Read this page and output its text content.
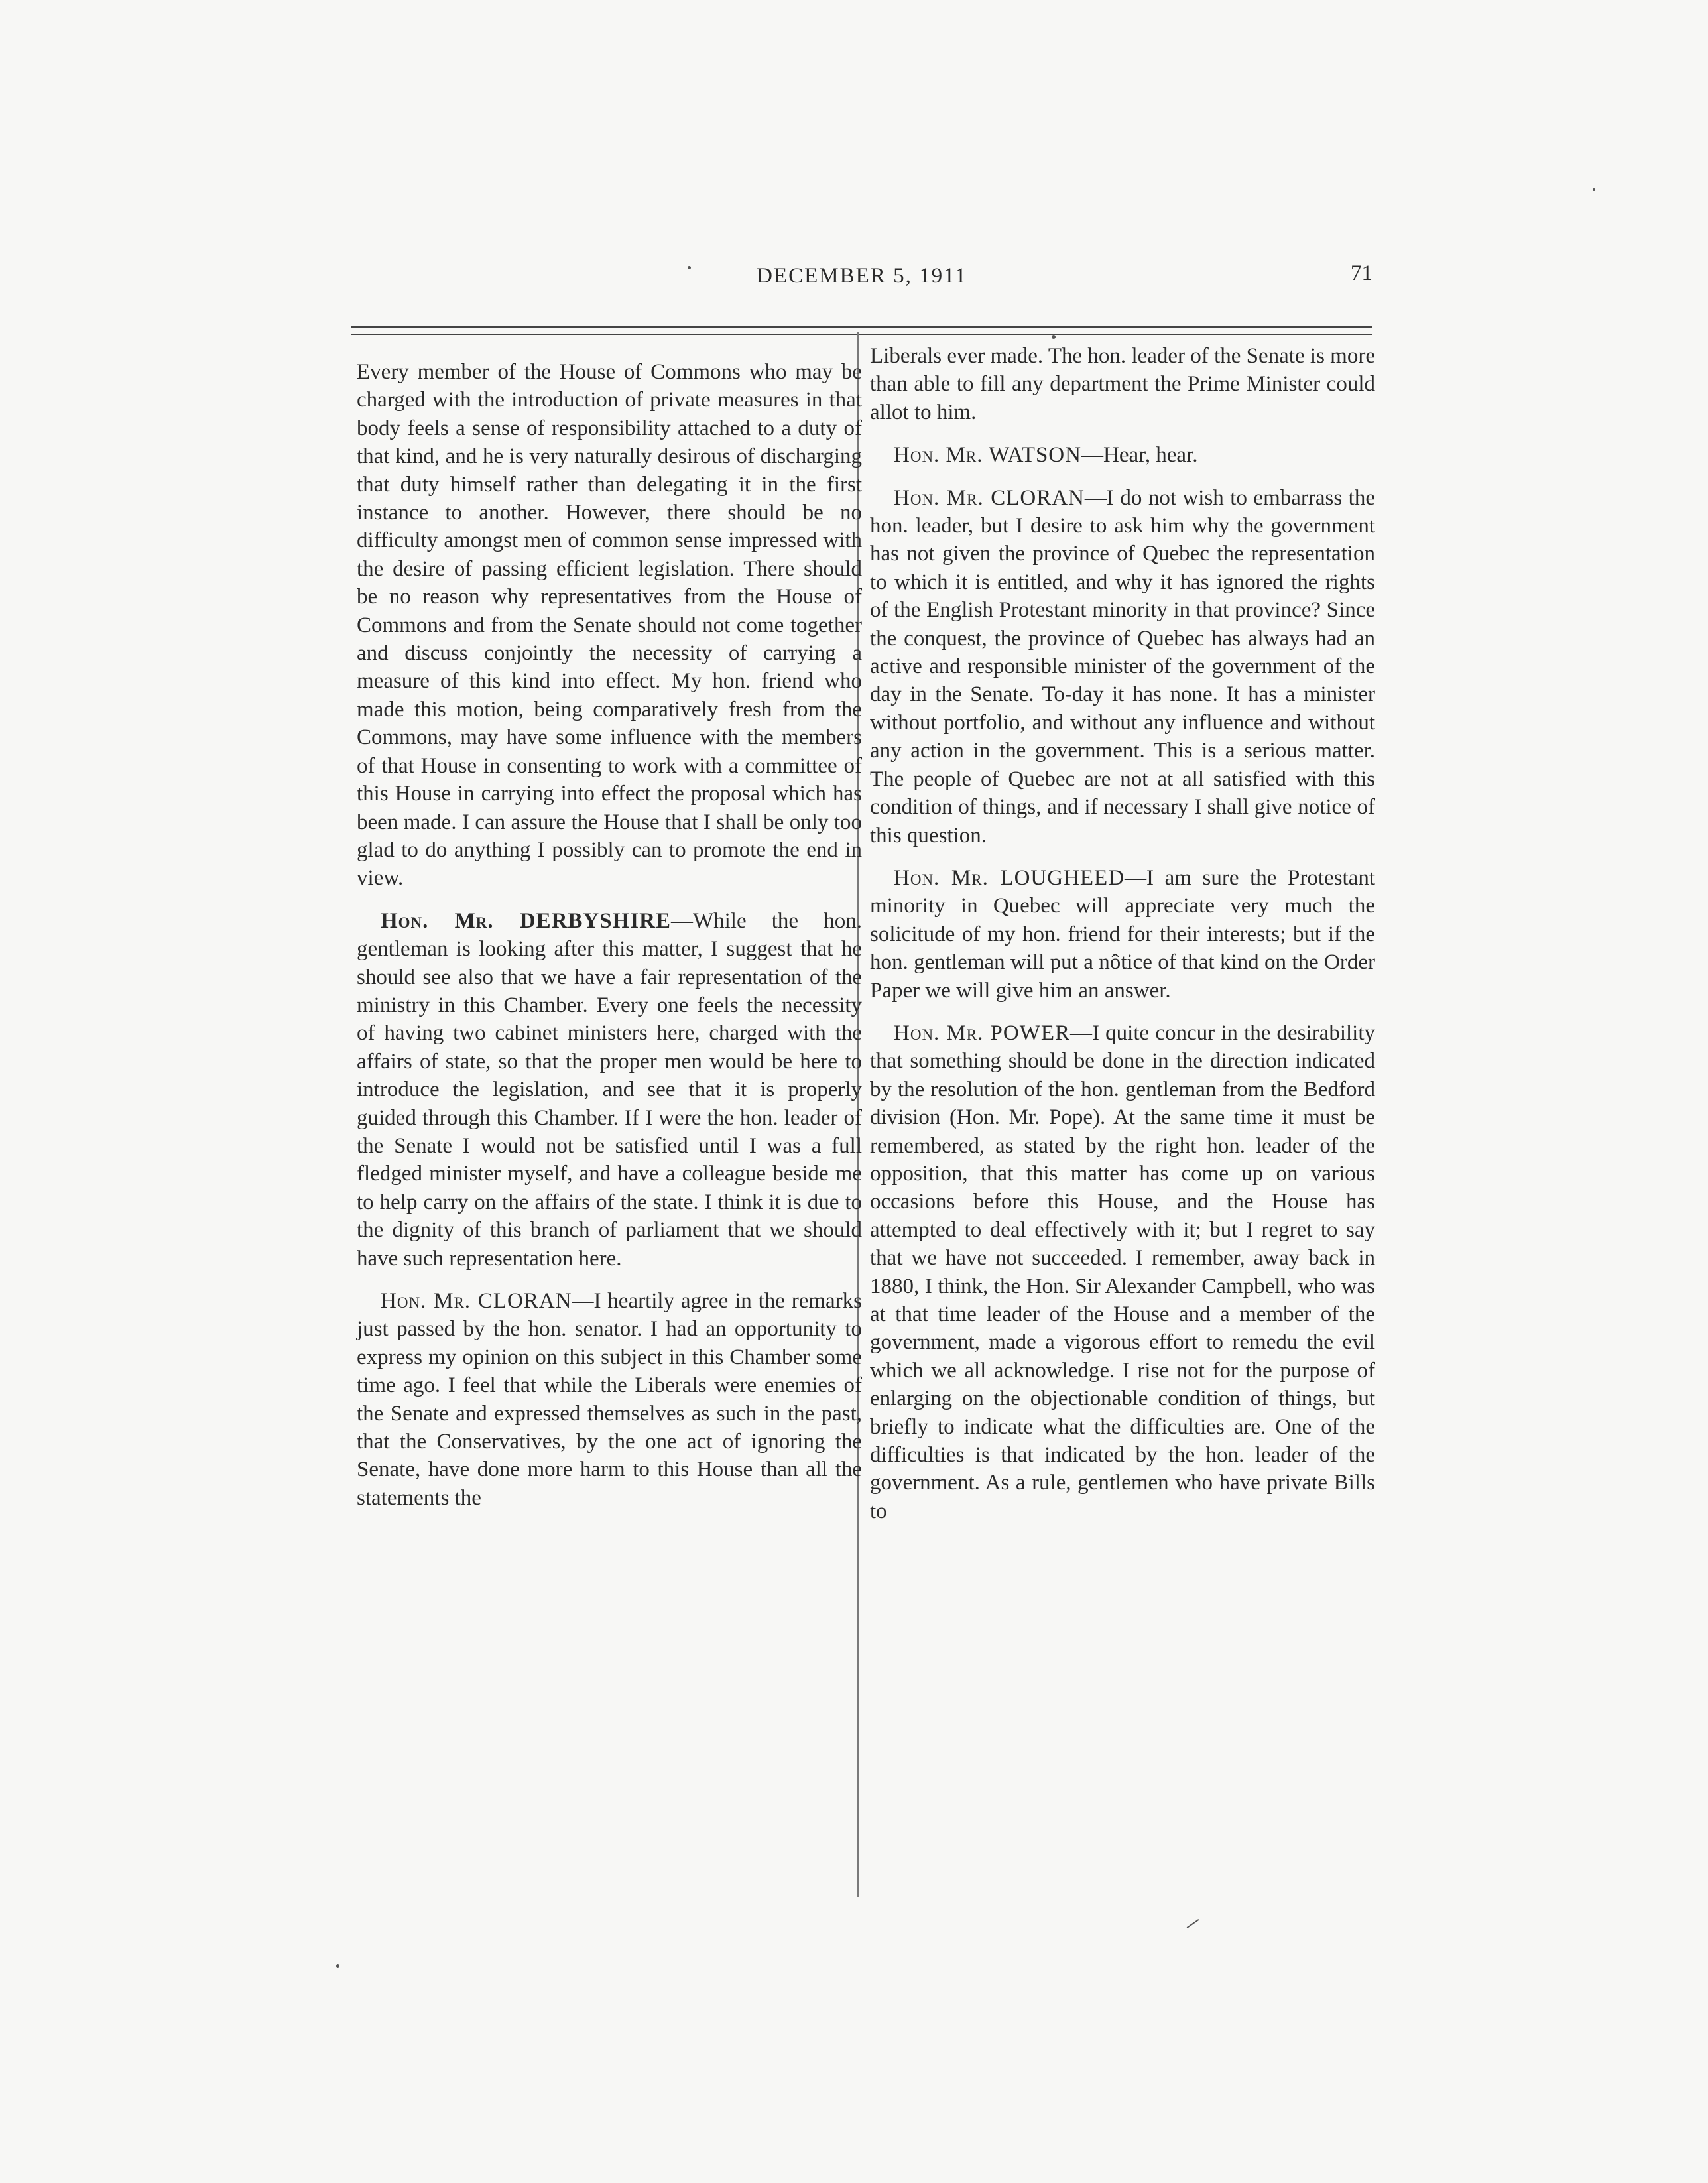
DECEMBER 5, 1911	71

Every member of the House of Commons who may be charged with the introduction of private measures in that body feels a sense of responsibility attached to a duty of that kind, and he is very naturally desirous of discharging that duty himself rather than delegating it in the first instance to another. However, there should be no difficulty amongst men of common sense impressed with the desire of passing efficient legislation. There should be no reason why representatives from the House of Commons and from the Senate should not come together and discuss conjointly the necessity of carrying a measure of this kind into effect. My hon. friend who made this motion, being comparatively fresh from the Commons, may have some influence with the members of that House in consenting to work with a committee of this House in carrying into effect the proposal which has been made. I can assure the House that I shall be only too glad to do anything I possibly can to promote the end in view.

Hon. Mr. DERBYSHIRE—While the hon. gentleman is looking after this matter, I suggest that he should see also that we have a fair representation of the ministry in this Chamber. Every one feels the necessity of having two cabinet ministers here, charged with the affairs of state, so that the proper men would be here to introduce the legislation, and see that it is properly guided through this Chamber. If I were the hon. leader of the Senate I would not be satisfied until I was a full fledged minister myself, and have a colleague beside me to help carry on the affairs of the state. I think it is due to the dignity of this branch of parliament that we should have such representation here.

Hon. Mr. CLORAN—I heartily agree in the remarks just passed by the hon. senator. I had an opportunity to express my opinion on this subject in this Chamber some time ago. I feel that while the Liberals were enemies of the Senate and expressed themselves as such in the past, that the Conservatives, by the one act of ignoring the Senate, have done more harm to this House than all the statements the

Liberals ever made. The hon. leader of the Senate is more than able to fill any department the Prime Minister could allot to him.

Hon. Mr. WATSON—Hear, hear.

Hon. Mr. CLORAN—I do not wish to embarrass the hon. leader, but I desire to ask him why the government has not given the province of Quebec the representation to which it is entitled, and why it has ignored the rights of the English Protestant minority in that province? Since the conquest, the province of Quebec has always had an active and responsible minister of the government of the day in the Senate. To-day it has none. It has a minister without portfolio, and without any influence and without any action in the government. This is a serious matter. The people of Quebec are not at all satisfied with this condition of things, and if necessary I shall give notice of this question.

Hon. Mr. LOUGHEED—I am sure the Protestant minority in Quebec will appreciate very much the solicitude of my hon. friend for their interests; but if the hon. gentleman will put a nôtice of that kind on the Order Paper we will give him an answer.

Hon. Mr. POWER—I quite concur in the desirability that something should be done in the direction indicated by the resolution of the hon. gentleman from the Bedford division (Hon. Mr. Pope). At the same time it must be remembered, as stated by the right hon. leader of the opposition, that this matter has come up on various occasions before this House, and the House has attempted to deal effectively with it; but I regret to say that we have not succeeded. I remember, away back in 1880, I think, the Hon. Sir Alexander Campbell, who was at that time leader of the House and a member of the government, made a vigorous effort to remedu the evil which we all acknowledge. I rise not for the purpose of enlarging on the objectionable condition of things, but briefly to indicate what the difficulties are. One of the difficulties is that indicated by the hon. leader of the government. As a rule, gentlemen who have private Bills to
